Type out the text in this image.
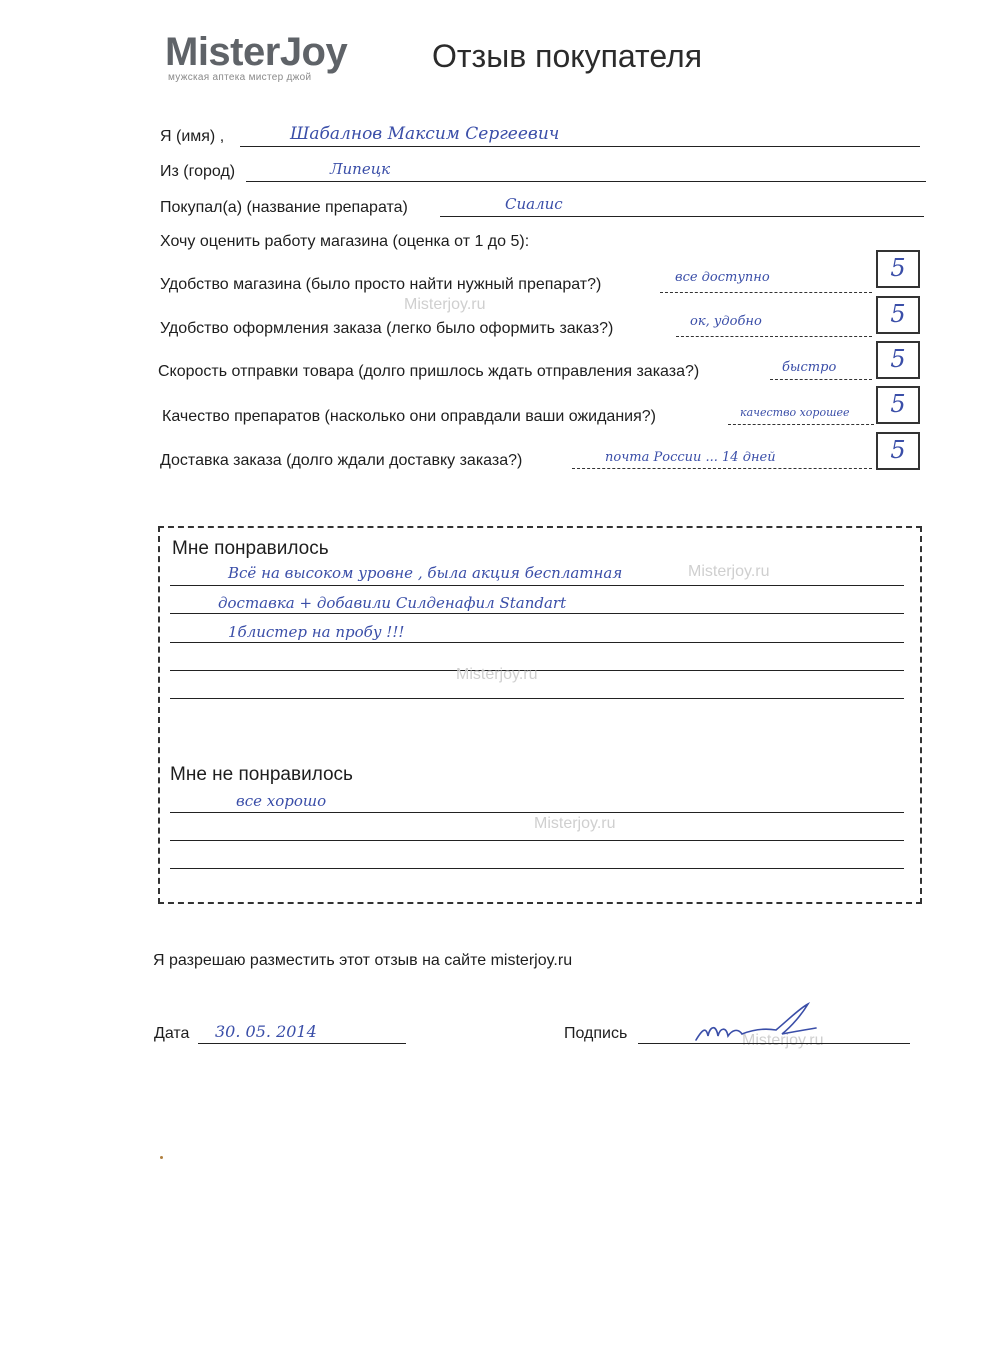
MisterJoy
мужская аптека мистер джой
Отзыв покупателя
Я (имя) ,	Шабалнов Максим Сергеевич
Из (город)	Липецк
Покупал(а) (название препарата)	Сиалис
Хочу оценить работу магазина (оценка от 1 до 5):
Удобство магазина (было просто найти нужный препарат?)	все доступно	5
Удобство оформления заказа (легко было оформить заказ?)	ок, удобно	5
Скорость отправки товара (долго пришлось ждать отправления заказа?)	быстро	5
Качество препаратов (насколько они оправдали ваши ожидания?)	качество хорошее	5
Доставка заказа (долго ждали доставку заказа?)	почта России ... 14 дней	5
Мне понравилось
Всё на высоком уровне , была акция бесплатная
доставка + добавили Силденафил Standart
1блистер на пробу !!!
Мне не понравилось
все хорошо
Misterjoy.ru
Misterjoy.ru
Misterjoy.ru
Misterjoy.ru
Misterjoy.ru
Я разрешаю разместить этот отзыв на сайте misterjoy.ru
Дата 30. 05. 2014	Подпись
